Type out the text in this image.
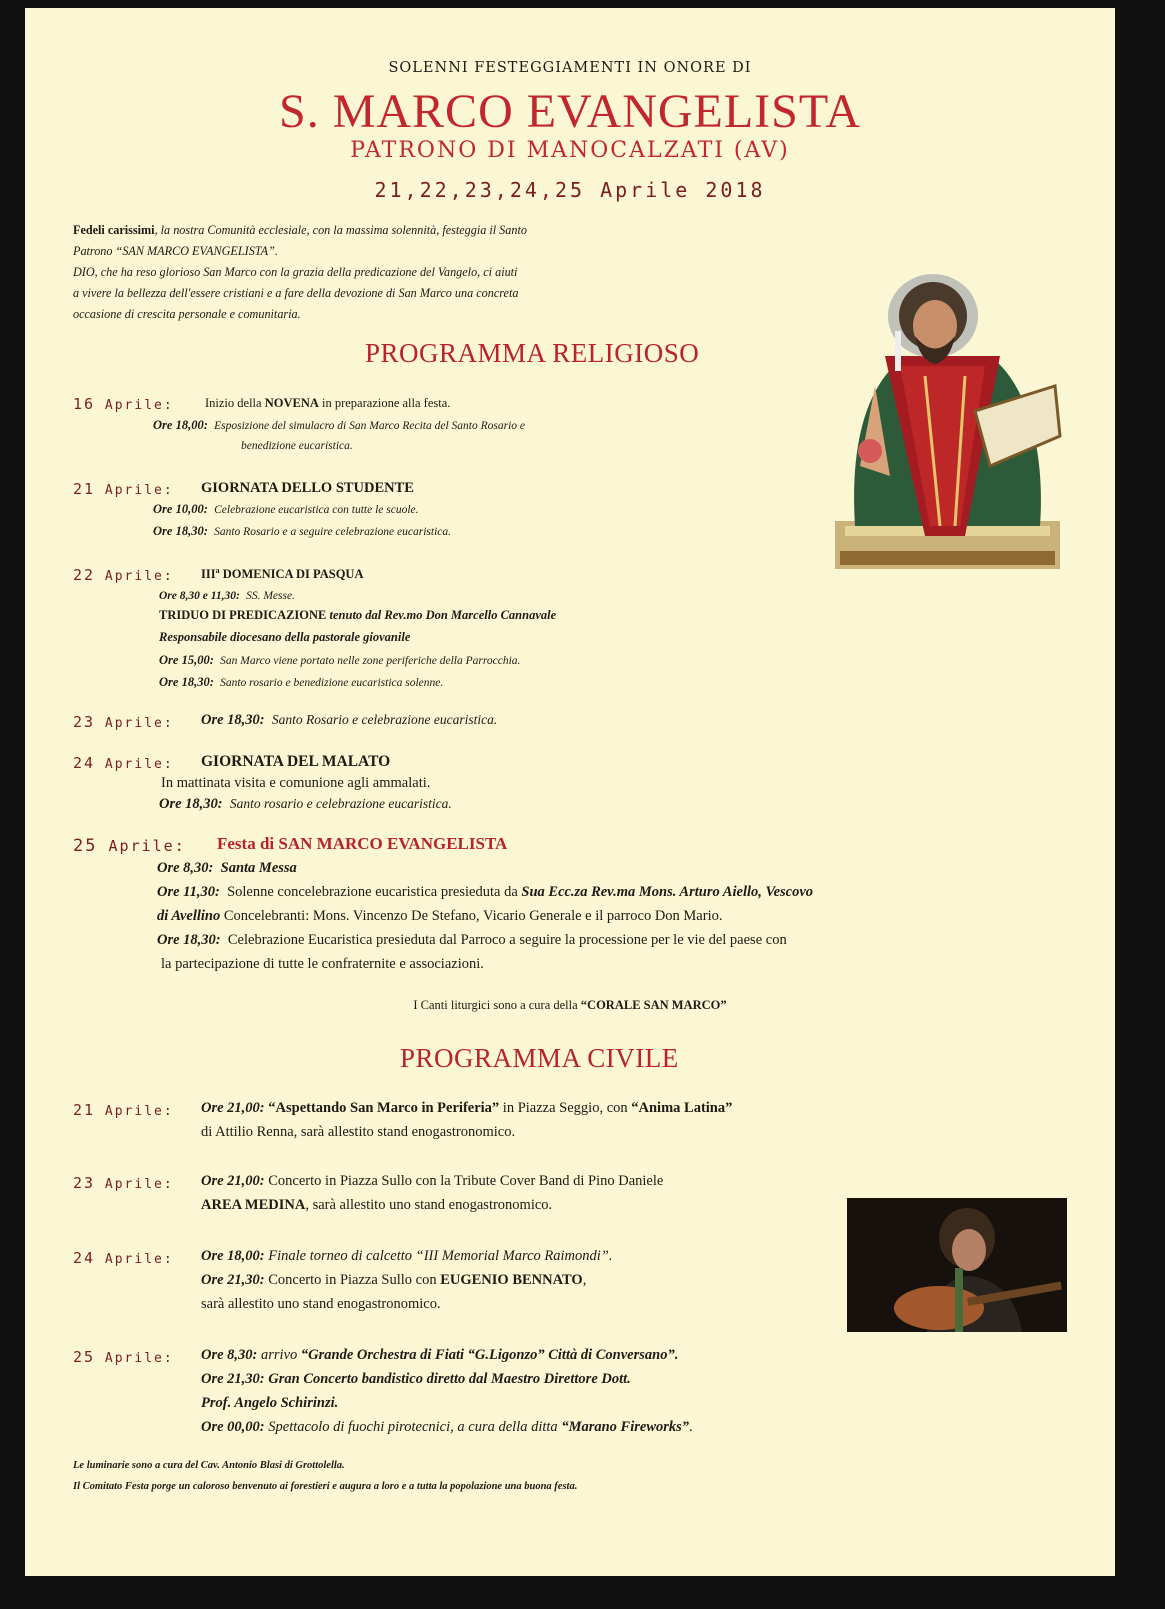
SOLENNI FESTEGGIAMENTI IN ONORE DI
S. MARCO EVANGELISTA
PATRONO DI MANOCALZATI (AV)
21,22,23,24,25 Aprile 2018
Fedeli carissimi, la nostra Comunità ecclesiale, con la massima solennità, festeggia il Santo
Patrono “SAN MARCO EVANGELISTA”.
DIO, che ha reso glorioso San Marco con la grazia della predicazione del Vangelo, ci aiuti
a vivere la bellezza dell'essere cristiani e a fare della devozione di San Marco una concreta
occasione di crescita personale e comunitaria.
PROGRAMMA RELIGIOSO
16 Aprile:	Inizio della NOVENA in preparazione alla festa.
Ore 18,00: Esposizione del simulacro di San Marco Recita del Santo Rosario e
benedizione eucaristica.
21 Aprile: GIORNATA DELLO STUDENTE
Ore 10,00: Celebrazione eucaristica con tutte le scuole.
Ore 18,30: Santo Rosario e a seguire celebrazione eucaristica.
22 Aprile: III$^a$ DOMENICA DI PASQUA
Ore 8,30 e 11,30: SS. Messe.
TRIDUO DI PREDICAZIONE tenuto dal Rev.mo Don Marcello Cannavale
Responsabile diocesano della pastorale giovanile
Ore 15,00: San Marco viene portato nelle zone periferiche della Parrocchia.
Ore 18,30: Santo rosario e benedizione eucaristica solenne.
23 Aprile: Ore 18,30: Santo Rosario e celebrazione eucaristica.
24 Aprile: GIORNATA DEL MALATO
In mattinata visita e comunione agli ammalati.
Ore 18,30: Santo rosario e celebrazione eucaristica.
25 Aprile: Festa di SAN MARCO EVANGELISTA
Ore 8,30: Santa Messa
Ore 11,30: Solenne concelebrazione eucaristica presieduta da Sua Ecc.za Rev.ma Mons. Arturo Aiello, Vescovo
di Avellino Concelebranti: Mons. Vincenzo De Stefano, Vicario Generale e il parroco Don Mario.
Ore 18,30: Celebrazione Eucaristica presieduta dal Parroco a seguire la processione per le vie del paese con
la partecipazione di tutte le confraternite e associazioni.
I Canti liturgici sono a cura della “CORALE SAN MARCO”
PROGRAMMA CIVILE
21 Aprile: Ore 21,00: “Aspettando San Marco in Periferia” in Piazza Seggio, con “Anima Latina”
di Attilio Renna, sarà allestito stand enogastronomico.
23 Aprile: Ore 21,00: Concerto in Piazza Sullo con la Tribute Cover Band di Pino Daniele
AREA MEDINA, sarà allestito uno stand enogastronomico.
24 Aprile: Ore 18,00: Finale torneo di calcetto “III Memorial Marco Raimondi”.
Ore 21,30: Concerto in Piazza Sullo con EUGENIO BENNATO,
sarà allestito uno stand enogastronomico.
25 Aprile: Ore 8,30: arrivo “Grande Orchestra di Fiati “G.Ligonzo” Città di Conversano”.
Ore 21,30: Gran Concerto bandistico diretto dal Maestro Direttore Dott.
Prof. Angelo Schirinzi.
Ore 00,00: Spettacolo di fuochi pirotecnici, a cura della ditta “Marano Fireworks”.
Le luminarie sono a cura del Cav. Antonio Blasi di Grottolella.
Il Comitato Festa porge un caloroso benvenuto ai forestieri e augura a loro e a tutta la popolazione una buona festa.
